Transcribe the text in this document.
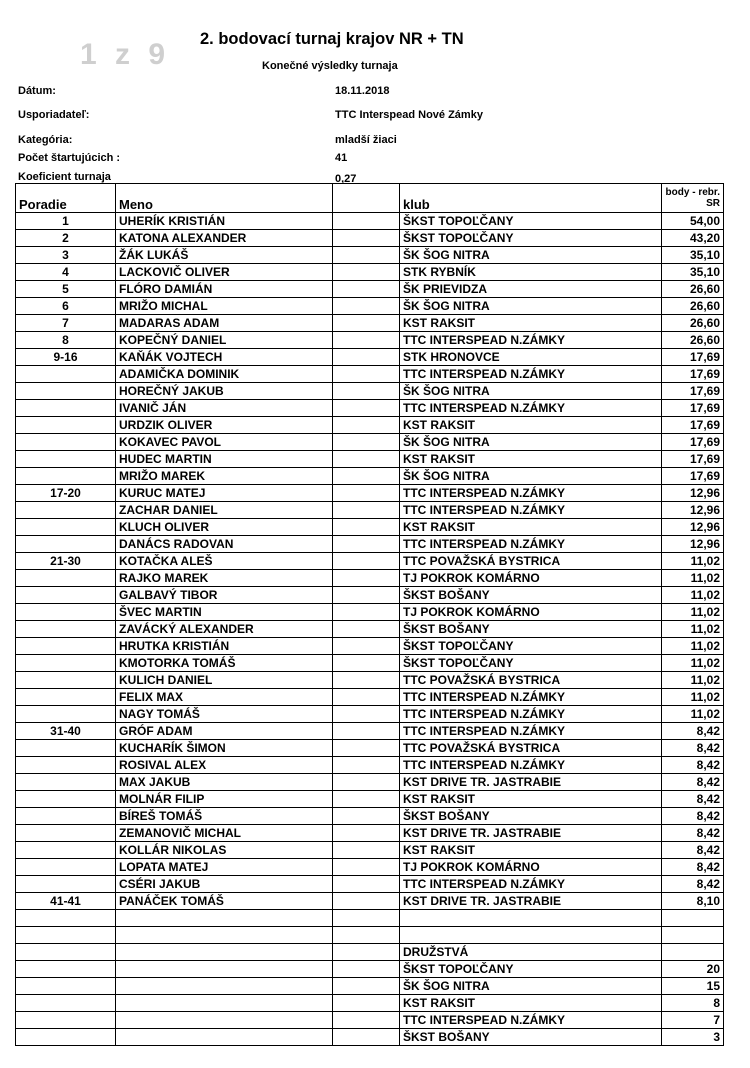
1 z 9 2. bodovací turnaj krajov NR + TN
Konečné výsledky turnaja
Dátum:	18.11.2018
Usporiadateľ:	TTC Interspead Nové Zámky
Kategória:	mladší žiaci
Počet štartujúcich :	41
Koeficient turnaja	0,27
Poradie	Meno		klub	body - rebr. SR
1	UHERÍK KRISTIÁN		ŠKST TOPOĽČANY	54,00
2	KATONA ALEXANDER		ŠKST TOPOĽČANY	43,20
3	ŽÁK LUKÁŠ		ŠK ŠOG NITRA	35,10
4	LACKOVIČ OLIVER		STK RYBNÍK	35,10
5	FLÓRO DAMIÁN		ŠK PRIEVIDZA	26,60
6	MRIŽO MICHAL		ŠK ŠOG NITRA	26,60
7	MADARAS ADAM		KST RAKSIT	26,60
8	KOPEČNÝ DANIEL		TTC INTERSPEAD N.ZÁMKY	26,60
9-16	KAŇÁK VOJTECH		STK HRONOVCE	17,69
	ADAMIČKA DOMINIK		TTC INTERSPEAD N.ZÁMKY	17,69
	HOREČNÝ JAKUB		ŠK ŠOG NITRA	17,69
	IVANIČ JÁN		TTC INTERSPEAD N.ZÁMKY	17,69
	URDZIK OLIVER		KST RAKSIT	17,69
	KOKAVEC PAVOL		ŠK ŠOG NITRA	17,69
	HUDEC MARTIN		KST RAKSIT	17,69
	MRIŽO MAREK		ŠK ŠOG NITRA	17,69
17-20	KURUC MATEJ		TTC INTERSPEAD N.ZÁMKY	12,96
	ZACHAR DANIEL		TTC INTERSPEAD N.ZÁMKY	12,96
	KLUCH OLIVER		KST RAKSIT	12,96
	DANÁCS RADOVAN		TTC INTERSPEAD N.ZÁMKY	12,96
21-30	KOTAČKA ALEŠ		TTC POVAŽSKÁ BYSTRICA	11,02
	RAJKO MAREK		TJ POKROK KOMÁRNO	11,02
	GALBAVÝ TIBOR		ŠKST BOŠANY	11,02
	ŠVEC MARTIN		TJ POKROK KOMÁRNO	11,02
	ZAVÁCKÝ ALEXANDER		ŠKST BOŠANY	11,02
	HRUTKA KRISTIÁN		ŠKST TOPOĽČANY	11,02
	KMOTORKA TOMÁŠ		ŠKST TOPOĽČANY	11,02
	KULICH DANIEL		TTC POVAŽSKÁ BYSTRICA	11,02
	FELIX MAX		TTC INTERSPEAD N.ZÁMKY	11,02
	NAGY TOMÁŠ		TTC INTERSPEAD N.ZÁMKY	11,02
31-40	GRÓF ADAM		TTC INTERSPEAD N.ZÁMKY	8,42
	KUCHARÍK ŠIMON		TTC POVAŽSKÁ BYSTRICA	8,42
	ROSIVAL ALEX		TTC INTERSPEAD N.ZÁMKY	8,42
	MAX JAKUB		KST DRIVE TR. JASTRABIE	8,42
	MOLNÁR FILIP		KST RAKSIT	8,42
	BÍREŠ TOMÁŠ		ŠKST BOŠANY	8,42
	ZEMANOVIČ MICHAL		KST DRIVE TR. JASTRABIE	8,42
	KOLLÁR NIKOLAS		KST RAKSIT	8,42
	LOPATA MATEJ		TJ POKROK KOMÁRNO	8,42
	CSÉRI JAKUB		TTC INTERSPEAD N.ZÁMKY	8,42
41-41	PANÁČEK TOMÁŠ		KST DRIVE TR. JASTRABIE	8,10

			DRUŽSTVÁ	
			ŠKST TOPOĽČANY	20
			ŠK ŠOG NITRA	15
			KST RAKSIT	8
			TTC INTERSPEAD N.ZÁMKY	7
			ŠKST BOŠANY	3
